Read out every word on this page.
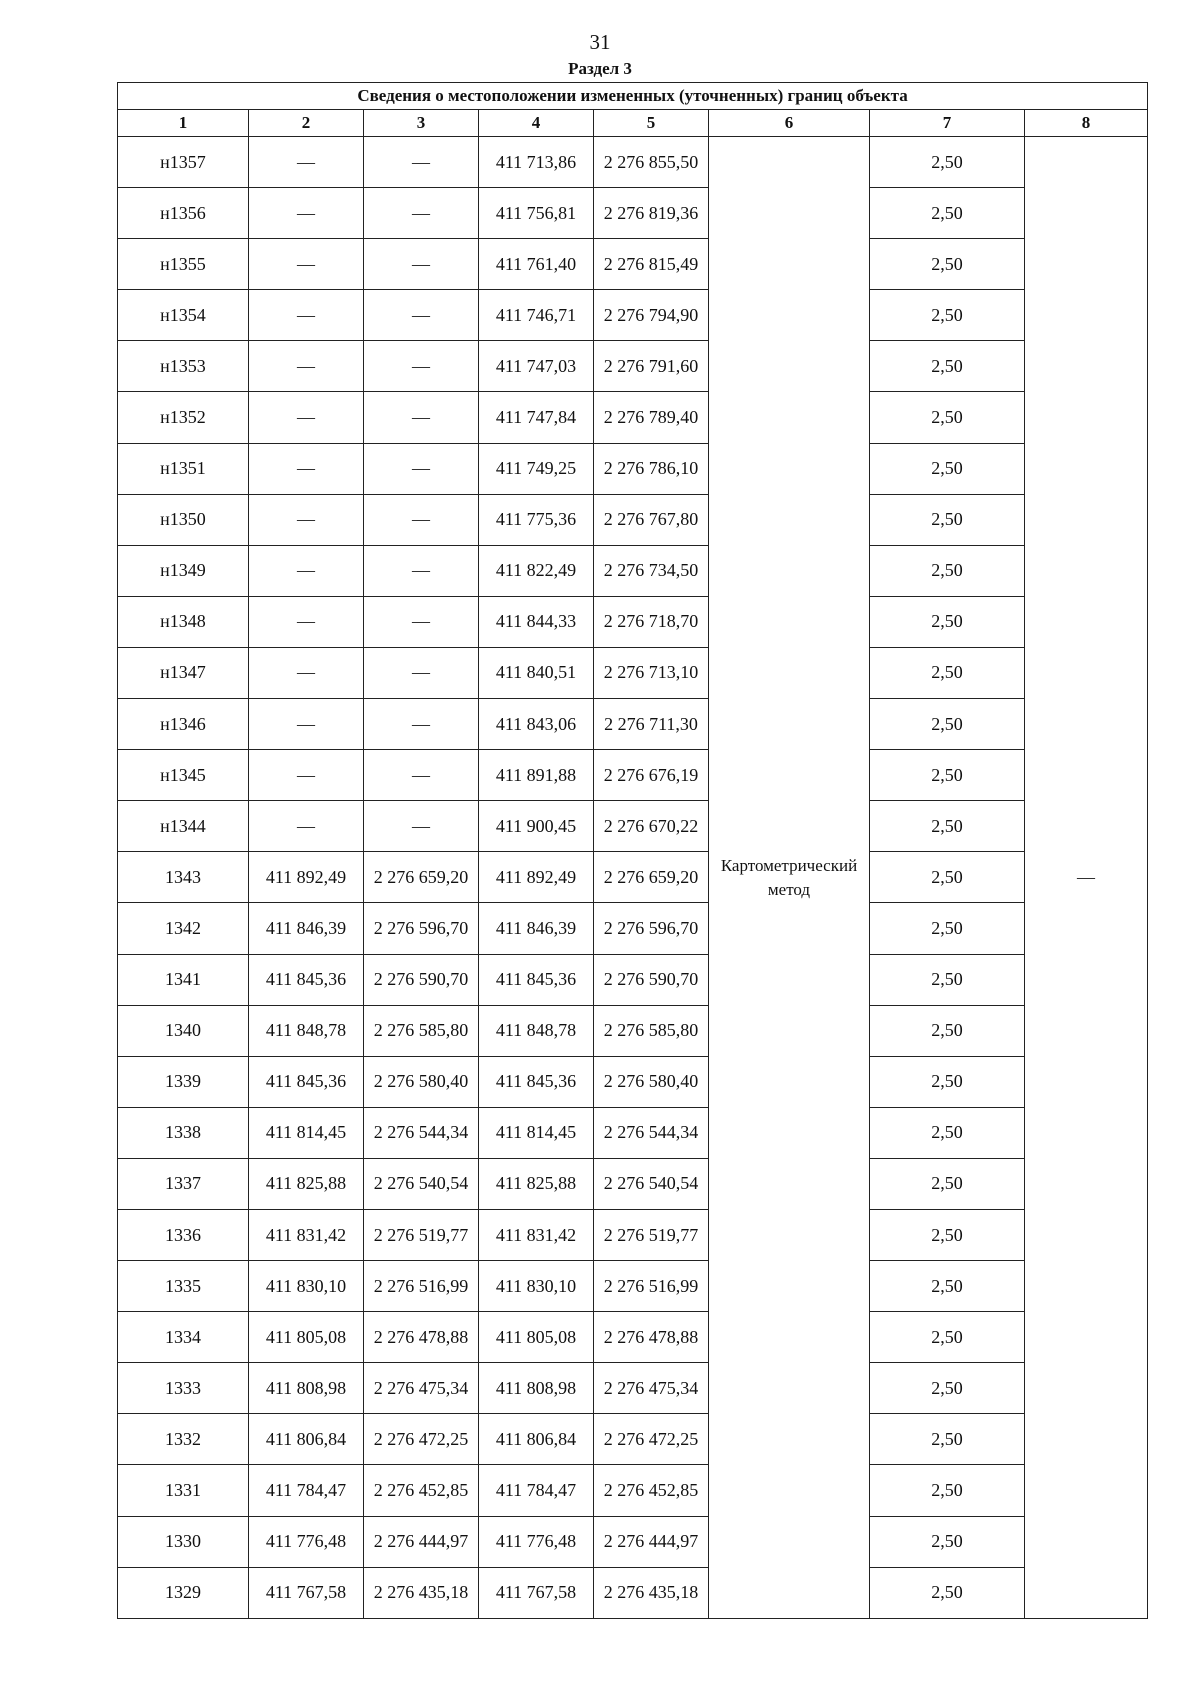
31
Раздел 3
Сведения о местоположении измененных (уточненных) границ объекта							
1	2	3	4	5	6	7	8
н1357	—	—	411 713,86	2 276 855,50	Картометрический метод	2,50	—
н1356	—	—	411 756,81	2 276 819,36		2,50	
н1355	—	—	411 761,40	2 276 815,49		2,50	
н1354	—	—	411 746,71	2 276 794,90		2,50	
н1353	—	—	411 747,03	2 276 791,60		2,50	
н1352	—	—	411 747,84	2 276 789,40		2,50	
н1351	—	—	411 749,25	2 276 786,10		2,50	
н1350	—	—	411 775,36	2 276 767,80		2,50	
н1349	—	—	411 822,49	2 276 734,50		2,50	
н1348	—	—	411 844,33	2 276 718,70		2,50	
н1347	—	—	411 840,51	2 276 713,10		2,50	
н1346	—	—	411 843,06	2 276 711,30		2,50	
н1345	—	—	411 891,88	2 276 676,19		2,50	
н1344	—	—	411 900,45	2 276 670,22		2,50	
1343	411 892,49	2 276 659,20	411 892,49	2 276 659,20		2,50	
1342	411 846,39	2 276 596,70	411 846,39	2 276 596,70		2,50	
1341	411 845,36	2 276 590,70	411 845,36	2 276 590,70		2,50	
1340	411 848,78	2 276 585,80	411 848,78	2 276 585,80		2,50	
1339	411 845,36	2 276 580,40	411 845,36	2 276 580,40		2,50	
1338	411 814,45	2 276 544,34	411 814,45	2 276 544,34		2,50	
1337	411 825,88	2 276 540,54	411 825,88	2 276 540,54		2,50	
1336	411 831,42	2 276 519,77	411 831,42	2 276 519,77		2,50	
1335	411 830,10	2 276 516,99	411 830,10	2 276 516,99		2,50	
1334	411 805,08	2 276 478,88	411 805,08	2 276 478,88		2,50	
1333	411 808,98	2 276 475,34	411 808,98	2 276 475,34		2,50	
1332	411 806,84	2 276 472,25	411 806,84	2 276 472,25		2,50	
1331	411 784,47	2 276 452,85	411 784,47	2 276 452,85		2,50	
1330	411 776,48	2 276 444,97	411 776,48	2 276 444,97		2,50	
1329	411 767,58	2 276 435,18	411 767,58	2 276 435,18		2,50	
